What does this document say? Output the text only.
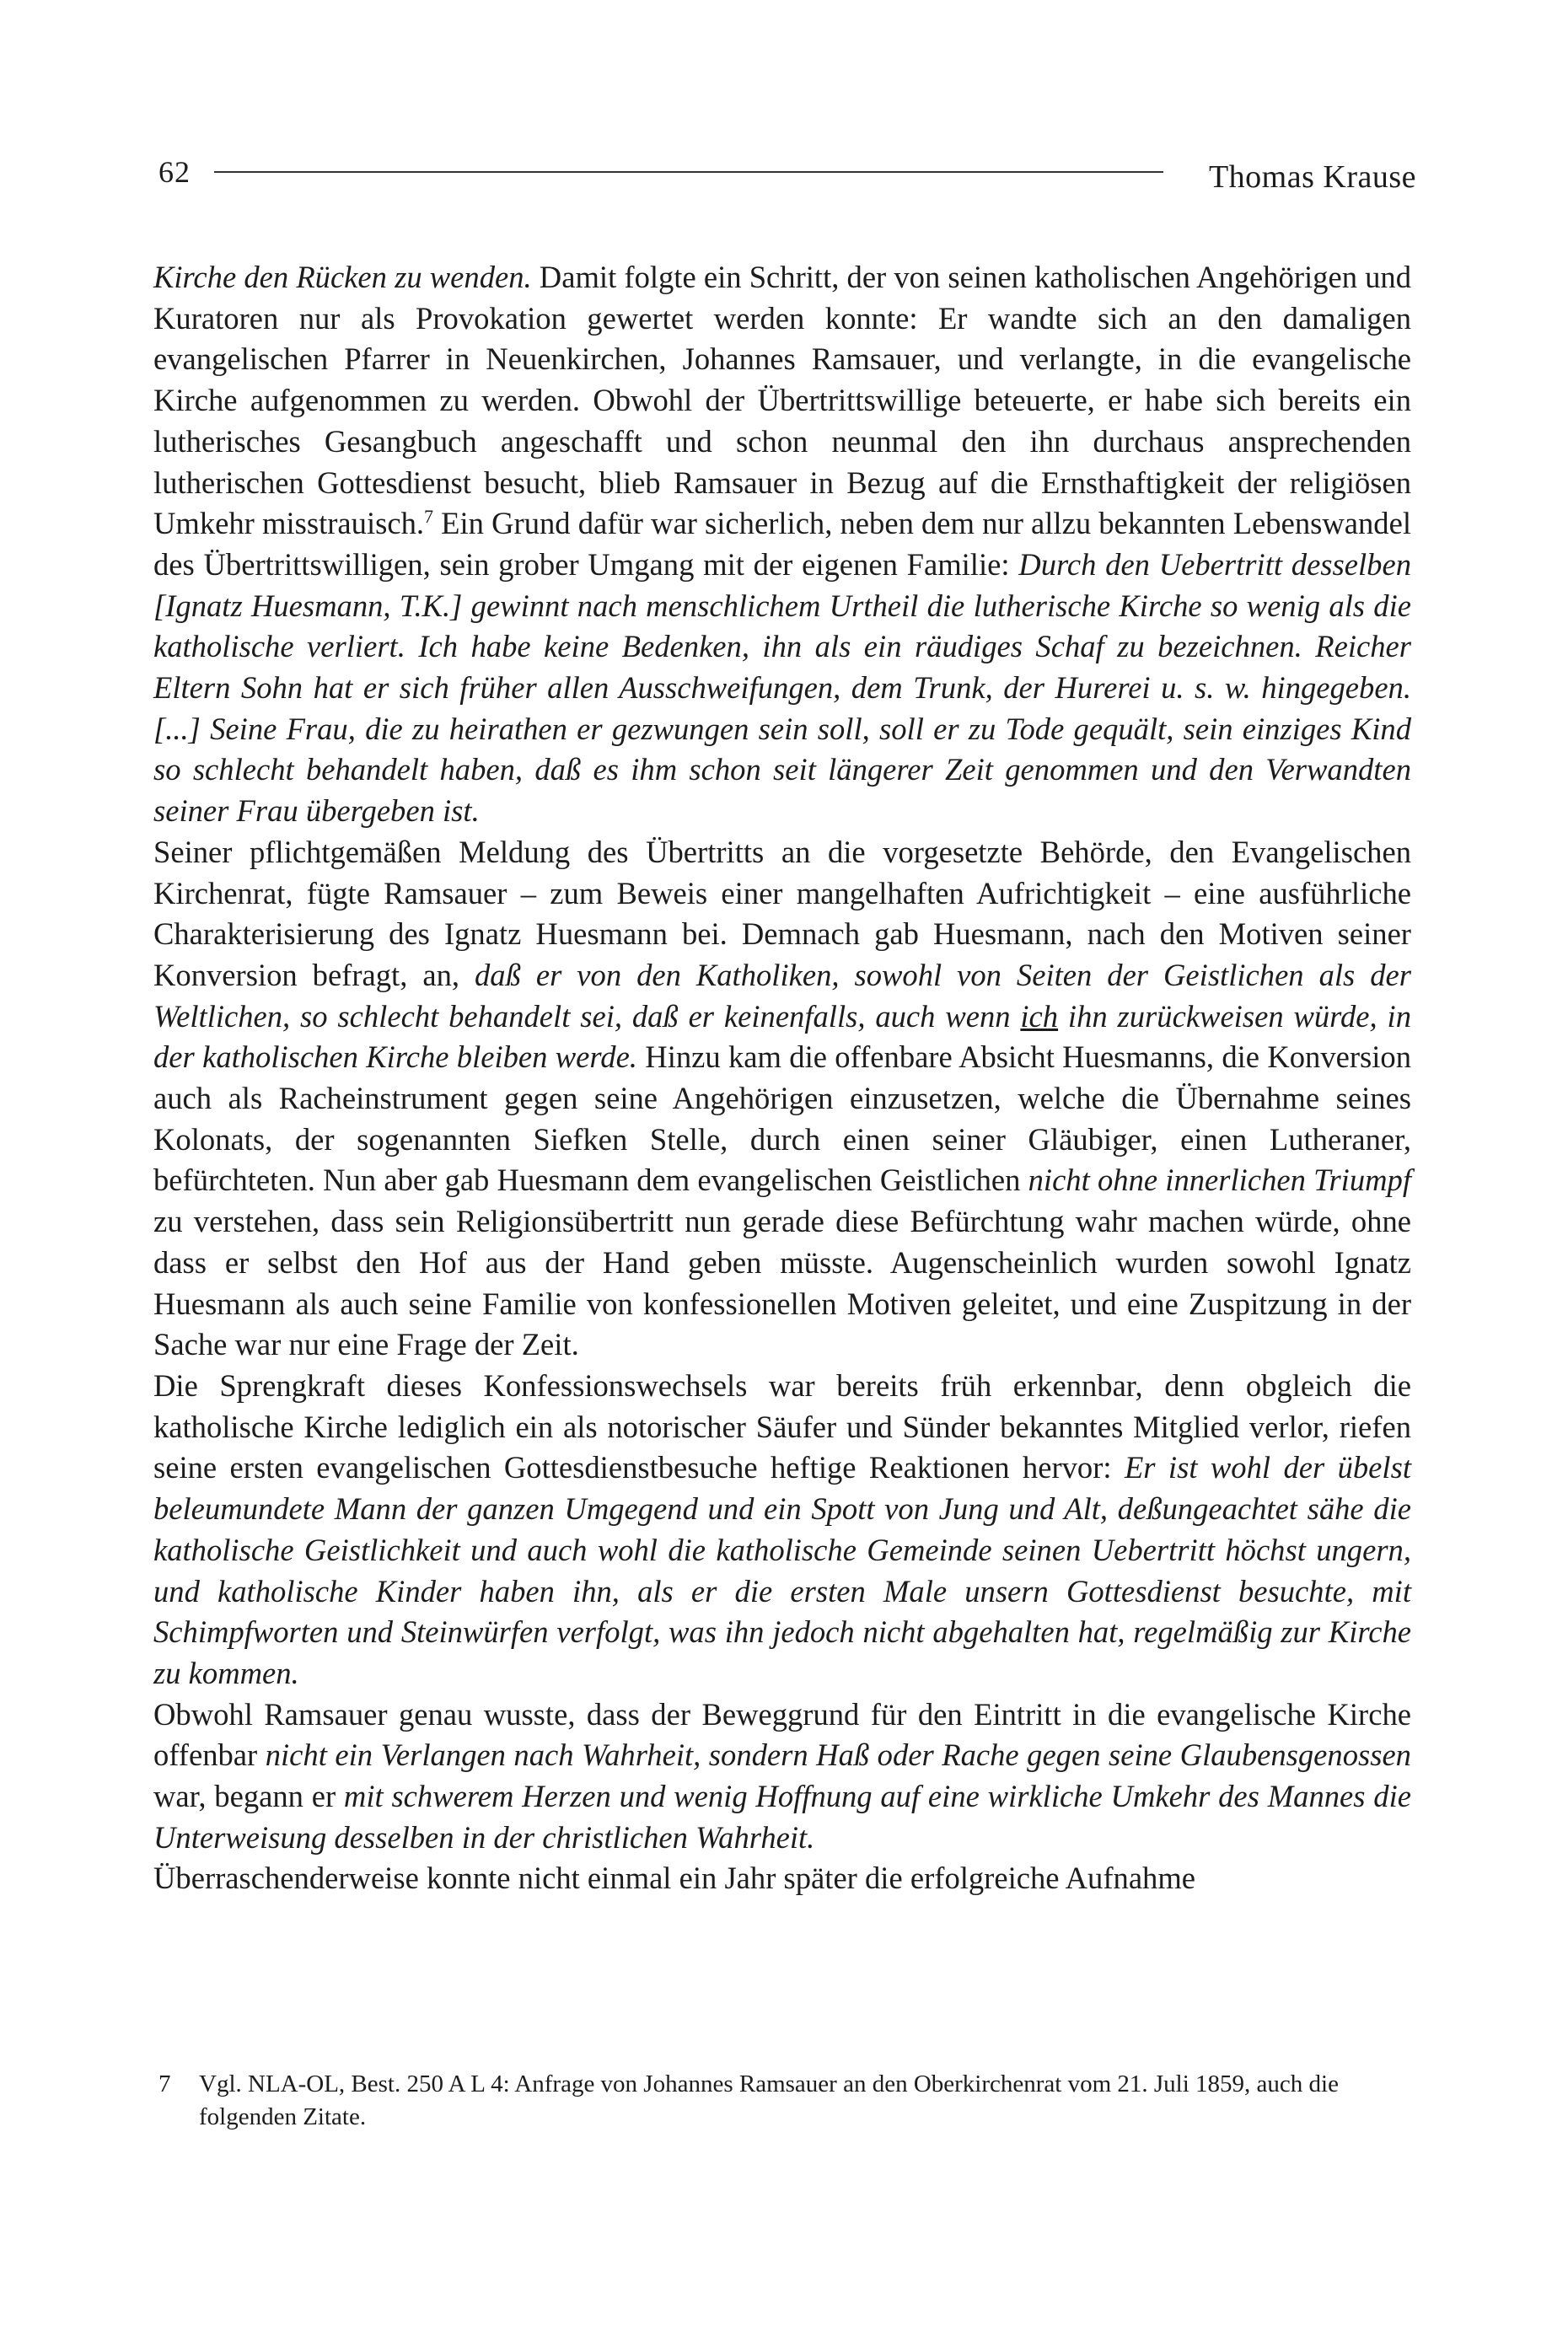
62	Thomas Krause

Kirche den Rücken zu wenden. Damit folgte ein Schritt, der von seinen katholischen Angehörigen und Kuratoren nur als Provokation gewertet werden konnte: Er wandte sich an den damaligen evangelischen Pfarrer in Neuenkirchen, Johannes Ramsauer, und verlangte, in die evangelische Kirche aufgenommen zu werden. Obwohl der Übertrittswillige beteuerte, er habe sich bereits ein lutherisches Gesangbuch angeschafft und schon neunmal den ihn durchaus ansprechenden lutherischen Gottesdienst besucht, blieb Ramsauer in Bezug auf die Ernsthaftigkeit der religiösen Umkehr misstrauisch.$^7$ Ein Grund dafür war sicherlich, neben dem nur allzu bekannten Lebenswandel des Übertrittswilligen, sein grober Umgang mit der eigenen Familie: Durch den Uebertritt desselben [Ignatz Huesmann, T.K.] gewinnt nach menschlichem Urtheil die lutherische Kirche so wenig als die katholische verliert. Ich habe keine Bedenken, ihn als ein räudiges Schaf zu bezeichnen. Reicher Eltern Sohn hat er sich früher allen Ausschweifungen, dem Trunk, der Hurerei u. s. w. hingegeben. [...] Seine Frau, die zu heirathen er gezwungen sein soll, soll er zu Tode gequält, sein einziges Kind so schlecht behandelt haben, daß es ihm schon seit längerer Zeit genommen und den Verwandten seiner Frau übergeben ist.

Seiner pflichtgemäßen Meldung des Übertritts an die vorgesetzte Behörde, den Evangelischen Kirchenrat, fügte Ramsauer – zum Beweis einer mangelhaften Aufrichtigkeit – eine ausführliche Charakterisierung des Ignatz Huesmann bei. Demnach gab Huesmann, nach den Motiven seiner Konversion befragt, an, daß er von den Katholiken, sowohl von Seiten der Geistlichen als der Weltlichen, so schlecht behandelt sei, daß er keinenfalls, auch wenn ich ihn zurückweisen würde, in der katholischen Kirche bleiben werde. Hinzu kam die offenbare Absicht Huesmanns, die Konversion auch als Racheinstrument gegen seine Angehörigen einzusetzen, welche die Übernahme seines Kolonats, der sogenannten Siefken Stelle, durch einen seiner Gläubiger, einen Lutheraner, befürchteten. Nun aber gab Huesmann dem evangelischen Geistlichen nicht ohne innerlichen Triumpf zu verstehen, dass sein Religionsübertritt nun gerade diese Befürchtung wahr machen würde, ohne dass er selbst den Hof aus der Hand geben müsste. Augenscheinlich wurden sowohl Ignatz Huesmann als auch seine Familie von konfessionellen Motiven geleitet, und eine Zuspitzung in der Sache war nur eine Frage der Zeit.

Die Sprengkraft dieses Konfessionswechsels war bereits früh erkennbar, denn obgleich die katholische Kirche lediglich ein als notorischer Säufer und Sünder bekanntes Mitglied verlor, riefen seine ersten evangelischen Gottesdienstbesuche heftige Reaktionen hervor: Er ist wohl der übelst beleumundete Mann der ganzen Umgegend und ein Spott von Jung und Alt, deßungeachtet sähe die katholische Geistlichkeit und auch wohl die katholische Gemeinde seinen Uebertritt höchst ungern, und katholische Kinder haben ihn, als er die ersten Male unsern Gottesdienst besuchte, mit Schimpfworten und Steinwürfen verfolgt, was ihn jedoch nicht abgehalten hat, regelmäßig zur Kirche zu kommen.

Obwohl Ramsauer genau wusste, dass der Beweggrund für den Eintritt in die evangelische Kirche offenbar nicht ein Verlangen nach Wahrheit, sondern Haß oder Rache gegen seine Glaubensgenossen war, begann er mit schwerem Herzen und wenig Hoffnung auf eine wirkliche Umkehr des Mannes die Unterweisung desselben in der christlichen Wahrheit.

Überraschenderweise konnte nicht einmal ein Jahr später die erfolgreiche Aufnahme

7 Vgl. NLA-OL, Best. 250 A L 4: Anfrage von Johannes Ramsauer an den Oberkirchenrat vom 21. Juli 1859, auch die folgenden Zitate.
